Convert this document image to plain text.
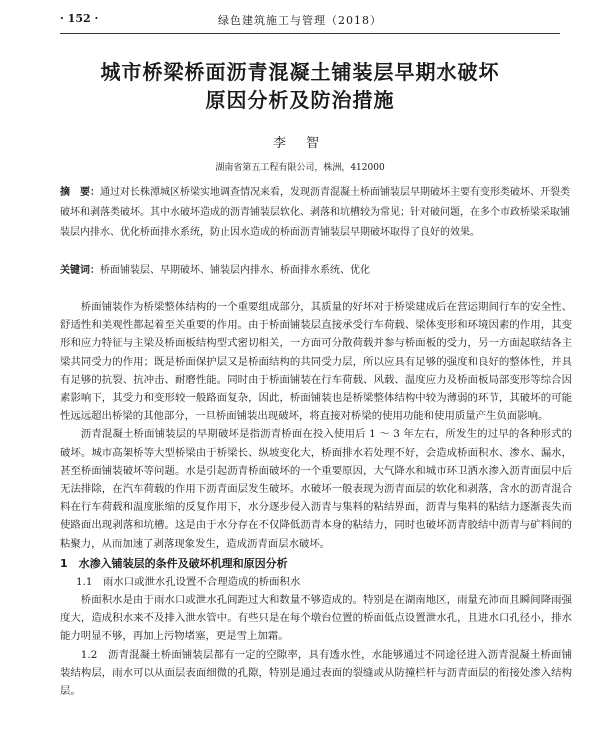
· 152 ·	绿色建筑施工与管理（2018）
城市桥梁桥面沥青混凝土铺装层早期水破坏
原因分析及防治措施
李 智
湖南省第五工程有限公司，株洲，412000
摘　要：通过对长株潭城区桥梁实地调查情况来看，发现沥青混凝土桥面铺装层早期破坏主要有变形类破坏、开裂类破坏和剥落类破坏。其中水破坏造成的沥青铺装层软化、剥落和坑槽较为常见；针对破问题，在多个市政桥梁采取铺装层内排水、优化桥面排水系统，防止因水造成的桥面沥青铺装层早期破坏取得了良好的效果。
关键词：桥面铺装层、早期破坏、铺装层内排水、桥面排水系统、优化

桥面铺装作为桥梁整体结构的一个重要组成部分，其质量的好坏对于桥梁建成后在营运期间行车的安全性、舒适性和美观性都起着至关重要的作用。由于桥面铺装层直接承受行车荷载、梁体变形和环境因素的作用，其变形和应力特征与主梁及桥面板结构型式密切相关，一方面可分散荷载并参与桥面板的受力，另一方面起联结各主梁共同受力的作用；既是桥面保护层又是桥面结构的共同受力层，所以应具有足够的强度和良好的整体性，并具有足够的抗裂、抗冲击、耐磨性能。同时由于桥面铺装在行车荷载、风载、温度应力及桥面板局部变形等综合因素影响下，其受力和变形较一般路面复杂，因此，桥面铺装也是桥梁整体结构中较为薄弱的环节，其破坏的可能性远远超出桥梁的其他部分，一旦桥面铺装出现破坏，将直接对桥梁的使用功能和使用质量产生负面影响。

沥青混凝土桥面铺装层的早期破坏是指沥青桥面在投入使用后 1 ～ 3 年左右，所发生的过早的各种形式的破坏。城市高架桥等大型桥梁由于桥梁长、纵坡变化大，桥面排水若处理不好，会造成桥面积水、渗水、漏水，甚至桥面铺装破坏等问题。水是引起沥青桥面破坏的一个重要原因，大气降水和城市环卫洒水渗入沥青面层中后无法排除，在汽车荷载的作用下沥青面层发生破坏。水破坏一般表现为沥青面层的软化和剥落，含水的沥青混合料在行车荷载和温度胀缩的反复作用下，水分逐步侵入沥青与集料的粘结界面，沥青与集料的粘结力逐渐丧失而使路面出现剥落和坑槽。这是由于水分存在不仅降低沥青本身的粘结力，同时也破坏沥青胶结中沥青与矿料间的粘聚力，从而加速了剥落现象发生，造成沥青面层水破坏。

1　水渗入铺装层的条件及破坏机理和原因分析
1.1　雨水口或泄水孔设置不合理造成的桥面积水

桥面积水是由于雨水口或泄水孔间距过大和数量不够造成的。特别是在湖南地区，雨量充沛而且瞬间降雨强度大，造成积水来不及排入泄水管中。有些只是在每个墩台位置的桥面低点设置泄水孔，且进水口孔径小，排水能力明显不够，再加上污物堵塞，更是雪上加霜。

1.2　沥青混凝土桥面铺装层都有一定的空隙率，具有透水性，水能够通过不同途径进入沥青混凝土桥面铺装结构层，雨水可以从面层表面细微的孔隙，特别是通过表面的裂缝或从防撞栏杆与沥青面层的衔接处渗入结构层。
